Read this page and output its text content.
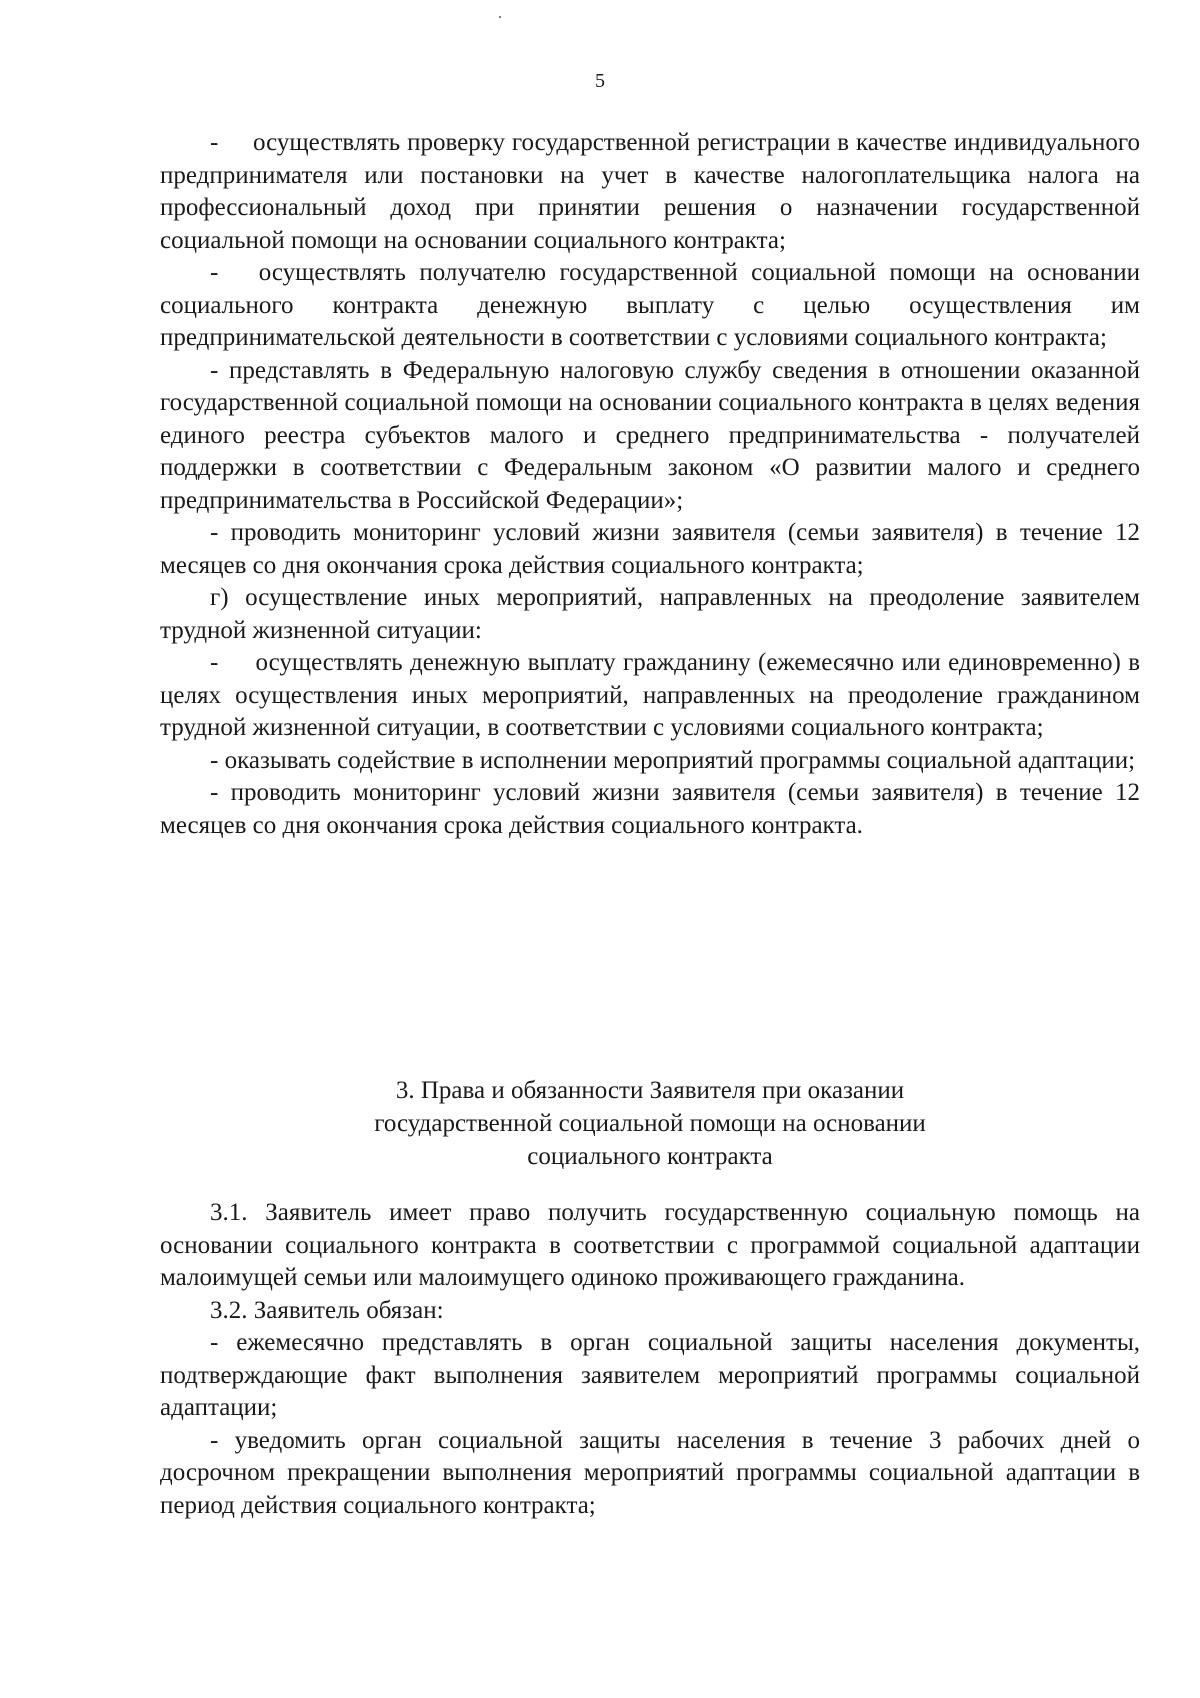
5

-     осуществлять проверку государственной регистрации в качестве индивидуального предпринимателя или постановки на учет в качестве налогоплательщика налога на профессиональный доход при принятии решения о назначении государственной социальной помощи на основании социального контракта;

-   осуществлять получателю государственной социальной помощи на основании социального контракта денежную выплату с целью осуществления им предпринимательской деятельности в соответствии с условиями социального контракта;

- представлять в Федеральную налоговую службу сведения в отношении оказанной государственной социальной помощи на основании социального контракта в целях ведения единого реестра субъектов малого и среднего предпринимательства - получателей поддержки в соответствии с Федеральным законом «О развитии малого и среднего предпринимательства в Российской Федерации»;

- проводить мониторинг условий жизни заявителя (семьи заявителя) в течение 12 месяцев со дня окончания срока действия социального контракта;

г) осуществление иных мероприятий, направленных на преодоление заявителем трудной жизненной ситуации:

-     осуществлять денежную выплату гражданину (ежемесячно или единовременно) в целях осуществления иных мероприятий, направленных на преодоление гражданином трудной жизненной ситуации, в соответствии с условиями социального контракта;

- оказывать содействие в исполнении мероприятий программы социальной адаптации;

- проводить мониторинг условий жизни заявителя (семьи заявителя) в течение 12 месяцев со дня окончания срока действия социального контракта.

3. Права и обязанности Заявителя при оказании
государственной социальной помощи на основании
социального контракта

3.1. Заявитель имеет право получить государственную социальную помощь на основании социального контракта в соответствии с программой социальной адаптации малоимущей семьи или малоимущего одиноко проживающего гражданина.

3.2. Заявитель обязан:

- ежемесячно представлять в орган социальной защиты населения документы, подтверждающие факт выполнения заявителем мероприятий программы социальной адаптации;

- уведомить орган социальной защиты населения в течение 3 рабочих дней о досрочном прекращении выполнения мероприятий программы социальной адаптации в период действия социального контракта;
